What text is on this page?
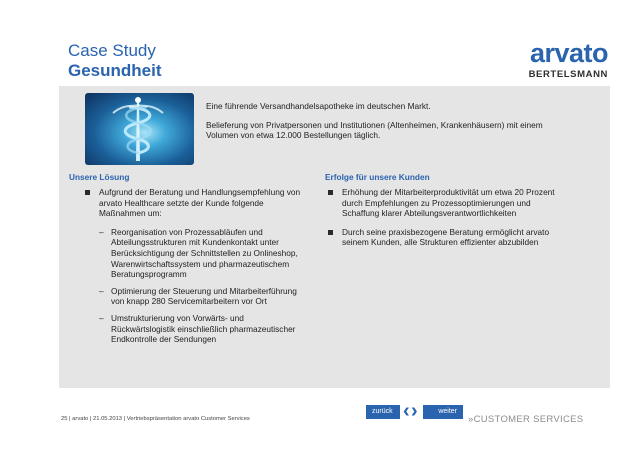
Case Study
Gesundheit
arvato
BERTELSMANN

Eine führende Versandhandelsapotheke im deutschen Markt.

Belieferung von Privatpersonen und Institutionen (Altenheimen, Krankenhäusern) mit einem Volumen von etwa 12.000 Bestellungen täglich.

Unsere Lösung	Erfolge für unsere Kunden
Aufgrund der Beratung und Handlungsempfehlung von arvato Healthcare setzte der Kunde folgende Maßnahmen um:
– Reorganisation von Prozessabläufen und Abteilungsstrukturen mit Kundenkontakt unter Berücksichtigung der Schnittstellen zu Onlineshop, Warenwirtschaftssystem und pharmazeutischem Beratungsprogramm
– Optimierung der Steuerung und Mitarbeiterführung von knapp 280 Servicemitarbeitern vor Ort
– Umstrukturierung von Vorwärts- und Rückwärtslogistik einschließlich pharmazeutischer Endkontrolle der Sendungen
Erhöhung der Mitarbeiterproduktivität um etwa 20 Prozent durch Empfehlungen zu Prozessoptimierungen und Schaffung klarer Abteilungsverantwortlichkeiten
Durch seine praxisbezogene Beratung ermöglicht arvato seinem Kunden, alle Strukturen effizienter abzubilden
25 | arvato | 21.05.2013 | Vertriebspräsentation arvato Customer Services
zurück ‹ ›	weiter
»CUSTOMER SERVICES
